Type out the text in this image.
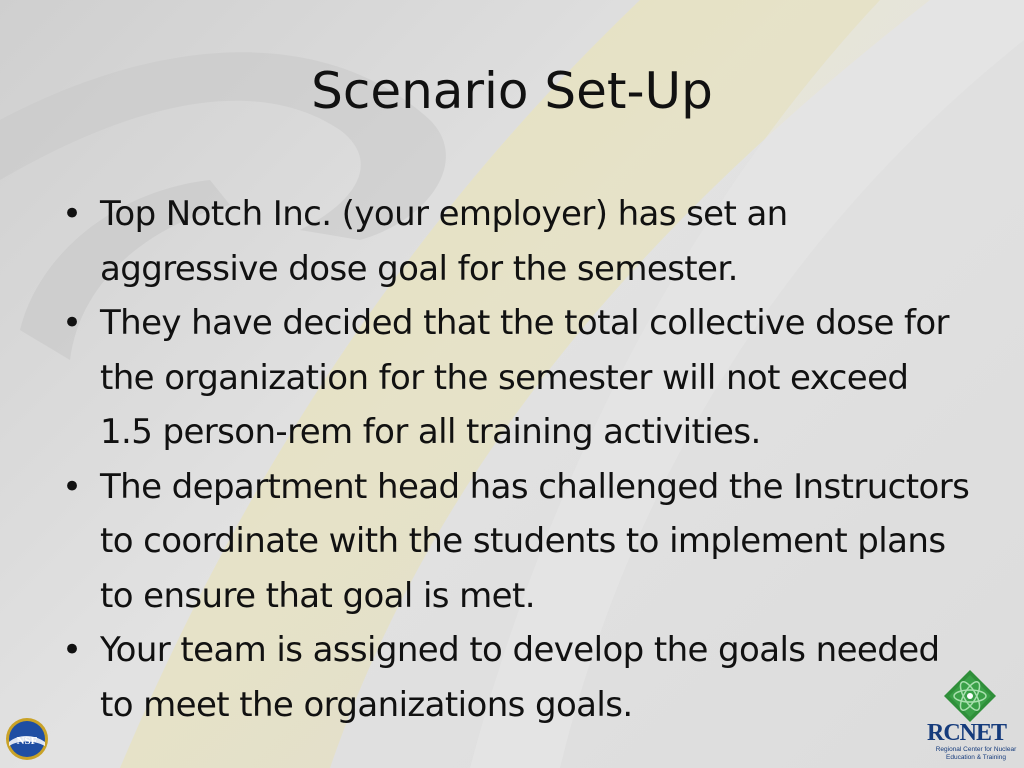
Scenario Set-Up
• Top Notch Inc. (your employer) has set an aggressive dose goal for the semester.
• They have decided that the total collective dose for the organization for the semester will not exceed 1.5 person-rem for all training activities.
• The department head has challenged the Instructors to coordinate with the students to implement plans to ensure that goal is met.
• Your team is assigned to develop the goals needed to meet the organizations goals.
NSF	RCNET
Regional Center for Nuclear Education & Training
